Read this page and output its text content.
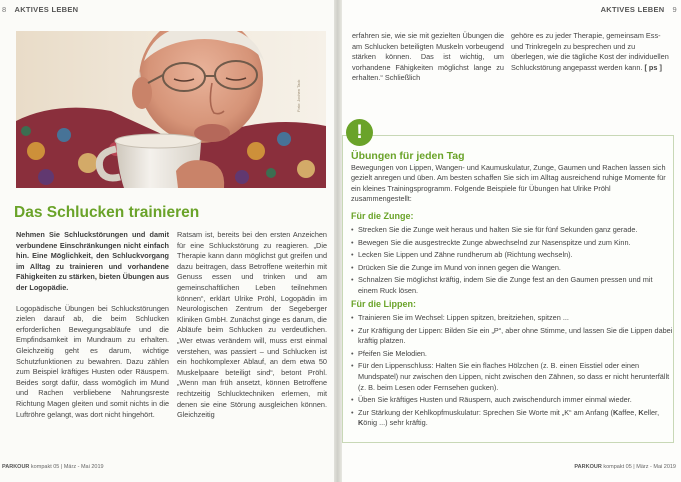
8 AKTIVES LEBEN	AKTIVES LEBEN 9
Foto: Jochen Tack
Das Schlucken trainieren

Nehmen Sie Schluckstörungen und damit verbundene Einschränkungen nicht einfach hin. Eine Möglichkeit, den Schluckvorgang im Alltag zu trainieren und vorhandene Fähigkeiten zu stärken, bieten Übungen aus der Logopädie.

Logopädische Übungen bei Schluckstörungen zielen darauf ab, die beim Schlucken erforderlichen Bewegungsabläufe und die Empfindsamkeit im Mundraum zu erhalten. Gleichzeitig geht es darum, wichtige Schutzfunktionen zu bewahren. Dazu zählen zum Beispiel kräftiges Husten oder Räuspern. Beides sorgt dafür, dass womöglich im Mund und Rachen verbliebene Nahrungsreste Richtung Magen gleiten und somit nichts in die Luftröhre gelangt, was dort nicht hingehört.

Ratsam ist, bereits bei den ersten Anzeichen für eine Schluckstörung zu reagieren. „Die Therapie kann dann möglichst gut greifen und dazu beitragen, dass Betroffene weiterhin mit Genuss essen und trinken und am gemeinschaftlichen Leben teilnehmen können“, erklärt Ulrike Pröhl, Logopädin im Neurologischen Zentrum der Segeberger Kliniken GmbH. Zunächst ginge es darum, die Abläufe beim Schlucken zu verdeutlichen. „Wer etwas verändern will, muss erst einmal verstehen, was passiert – und Schlucken ist ein hochkomplexer Ablauf, an dem etwa 50 Muskelpaare beteiligt sind“, betont Pröhl. „Wenn man früh ansetzt, können Betroffene rechtzeitig Schlucktechniken erlernen, mit denen sie eine Störung ausgleichen können. Gleichzeitig

erfahren sie, wie sie mit gezielten Übungen die am Schlucken beteiligten Muskeln vorbeugend stärken können. Das ist wichtig, um vorhandene Fähigkeiten möglichst lange zu erhalten.“ Schließlich

gehöre es zu jeder Therapie, gemeinsam Ess- und Trinkregeln zu besprechen und zu überlegen, wie die tägliche Kost der individuellen Schluckstörung angepasst werden kann. [ ps ]

!
Übungen für jeden Tag

Bewegungen von Lippen, Wangen- und Kaumuskulatur, Zunge, Gaumen und Rachen lassen sich gezielt anregen und üben. Am besten schaffen Sie sich im Alltag ausreichend ruhige Momente für ein kleines Trainingsprogramm. Folgende Beispiele für Übungen hat Ulrike Pröhl zusammengestellt:

Für die Zunge:
• Strecken Sie die Zunge weit heraus und halten Sie sie für fünf Sekunden ganz gerade.
• Bewegen Sie die ausgestreckte Zunge abwechselnd zur Nasenspitze und zum Kinn.
• Lecken Sie Lippen und Zähne rundherum ab (Richtung wechseln).
• Drücken Sie die Zunge im Mund von innen gegen die Wangen.
• Schnalzen Sie möglichst kräftig, indem Sie die Zunge fest an den Gaumen pressen und mit einem Ruck lösen.
Für die Lippen:
• Trainieren Sie im Wechsel: Lippen spitzen, breitziehen, spitzen ...
• Zur Kräftigung der Lippen: Bilden Sie ein „P“, aber ohne Stimme, und lassen Sie die Lippen dabei kräftig platzen.
• Pfeifen Sie Melodien.
• Für den Lippenschluss: Halten Sie ein flaches Hölzchen (z. B. einen Eisstiel oder einen Mundspatel) nur zwischen den Lippen, nicht zwischen den Zähnen, so dass er nicht herunterfällt (z. B. beim Lesen oder Fernsehen gucken).
• Üben Sie kräftiges Husten und Räuspern, auch zwischendurch immer einmal wieder.
• Zur Stärkung der Kehlkopfmuskulatur: Sprechen Sie Worte mit „K“ am Anfang (Kaffee, Keller, König ...) sehr kräftig.
PARKOUR kompakt 05 | März - Mai 2019	PARKOUR kompakt 05 | März - Mai 2019
